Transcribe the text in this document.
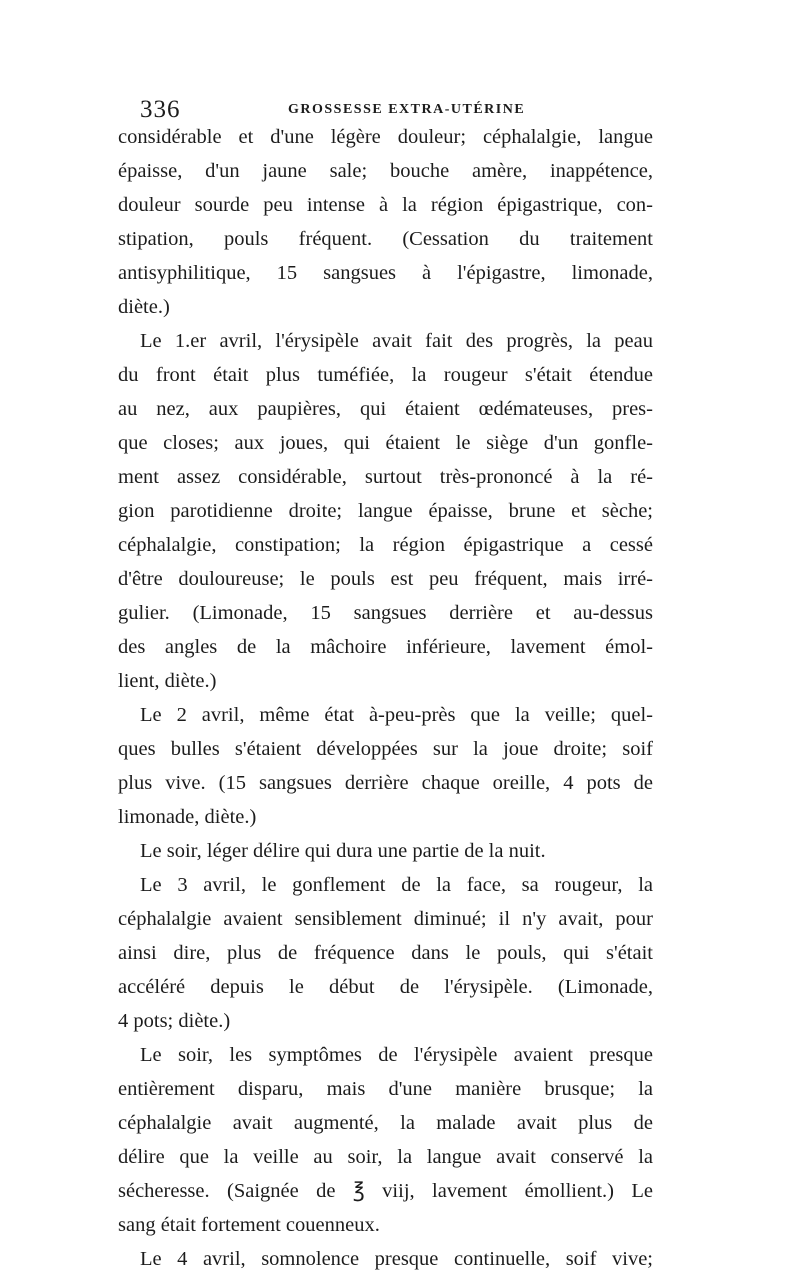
336	GROSSESSE EXTRA-UTÉRINE
considérable et d'une légère douleur; céphalalgie, langue
épaisse, d'un jaune sale; bouche amère, inappétence,
douleur sourde peu intense à la région épigastrique, con-
stipation, pouls fréquent. (Cessation du traitement
antisyphilitique, 15 sangsues à l'épigastre, limonade,
diète.)
Le 1.er avril, l'érysipèle avait fait des progrès, la peau
du front était plus tuméfiée, la rougeur s'était étendue
au nez, aux paupières, qui étaient œdémateuses, pres-
que closes; aux joues, qui étaient le siège d'un gonfle-
ment assez considérable, surtout très-prononcé à la ré-
gion parotidienne droite; langue épaisse, brune et sèche;
céphalalgie, constipation; la région épigastrique a cessé
d'être douloureuse; le pouls est peu fréquent, mais irré-
gulier. (Limonade, 15 sangsues derrière et au-dessus
des angles de la mâchoire inférieure, lavement émol-
lient, diète.)
Le 2 avril, même état à-peu-près que la veille; quel-
ques bulles s'étaient développées sur la joue droite; soif
plus vive. (15 sangsues derrière chaque oreille, 4 pots de
limonade, diète.)
Le soir, léger délire qui dura une partie de la nuit.
Le 3 avril, le gonflement de la face, sa rougeur, la
céphalalgie avaient sensiblement diminué; il n'y avait, pour
ainsi dire, plus de fréquence dans le pouls, qui s'était
accéléré depuis le début de l'érysipèle. (Limonade,
4 pots; diète.)
Le soir, les symptômes de l'érysipèle avaient presque
entièrement disparu, mais d'une manière brusque; la
céphalalgie avait augmenté, la malade avait plus de
délire que la veille au soir, la langue avait conservé la
sécheresse. (Saignée de ℥ viij, lavement émollient.) Le
sang était fortement couenneux.
Le 4 avril, somnolence presque continuelle, soif vive;
